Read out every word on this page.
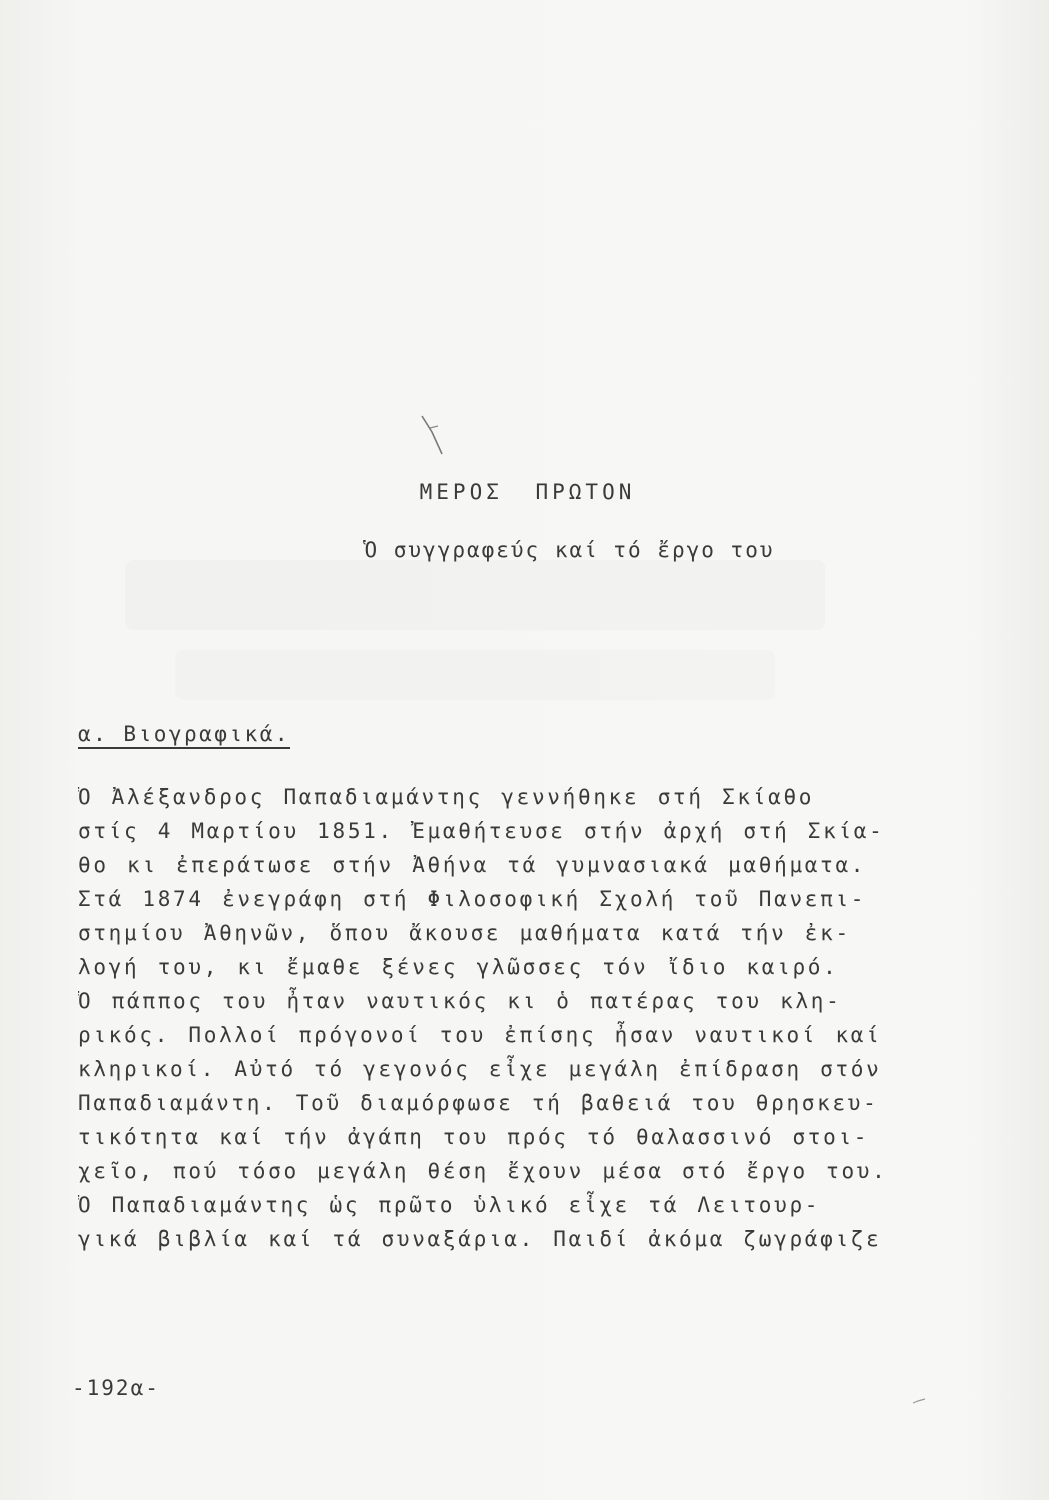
ΜΕΡΟΣ ΠΡΩΤΟΝ
Ὁ συγγραφεύς καί τό ἔργο του
α. Βιογραφικά.
Ὁ Ἀλέξανδρος Παπαδιαμάντης γεννήθηκε στή Σκίαθο
στίς 4 Μαρτίου 1851. Ἐμαθήτευσε στήν ἀρχή στή Σκία-
θο κι ἐπεράτωσε στήν Ἀθήνα τά γυμνασιακά μαθήματα.
Στά 1874 ἐνεγράφη στή Φιλοσοφική Σχολή τοῦ Πανεπι-
στημίου Ἀθηνῶν, ὅπου ἄκουσε μαθήματα κατά τήν ἐκ-
λογή του, κι ἔμαθε ξένες γλῶσσες τόν ἴδιο καιρό.
Ὁ πάππος του ἦταν ναυτικός κι ὁ πατέρας του κλη-
ρικός. Πολλοί πρόγονοί του ἐπίσης ἦσαν ναυτικοί καί
κληρικοί. Αὐτό τό γεγονός εἶχε μεγάλη ἐπίδραση στόν
Παπαδιαμάντη. Τοῦ διαμόρφωσε τή βαθειά του θρησκευ-
τικότητα καί τήν ἀγάπη του πρός τό θαλασσινό στοι-
χεῖο, πού τόσο μεγάλη θέση ἔχουν μέσα στό ἔργο του.
Ὁ Παπαδιαμάντης ὡς πρῶτο ὑλικό εἶχε τά Λειτουρ-
γικά βιβλία καί τά συναξάρια. Παιδί ἀκόμα ζωγράφιζε
-192α-
